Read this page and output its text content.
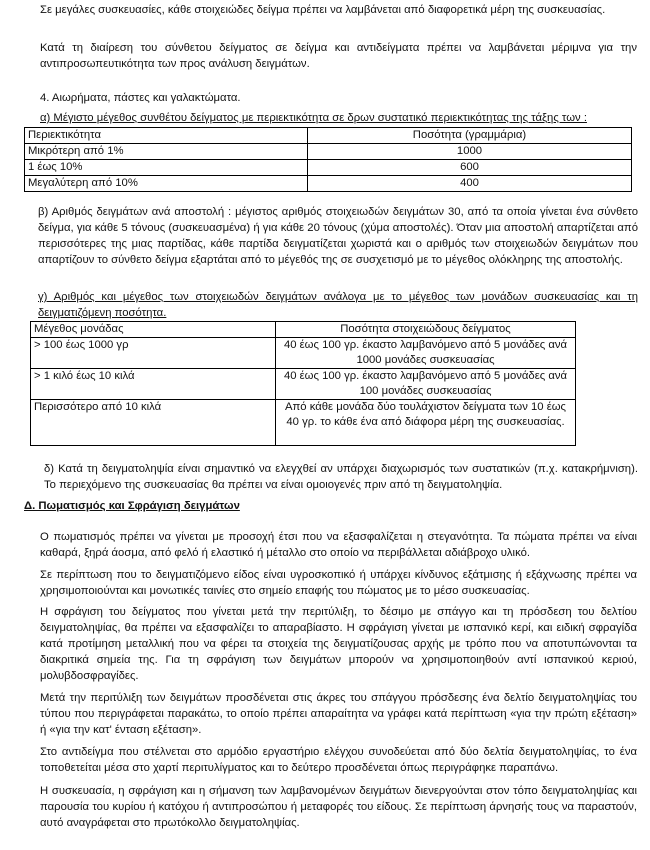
Σε μεγάλες συσκευασίες, κάθε στοιχειώδες δείγμα πρέπει να λαμβάνεται από διαφορετικά μέρη της συσκευασίας.

Κατά τη διαίρεση του σύνθετου δείγματος σε δείγμα και αντιδείγματα πρέπει να λαμβάνεται μέριμνα για την αντιπροσωπευτικότητα των προς ανάλυση δειγμάτων.

4. Αιωρήματα, πάστες και γαλακτώματα.

α) Μέγιστο μέγεθος συνθέτου δείγματος με περιεκτικότητα σε δρων συστατικό περιεκτικότητας της τάξης των :

Περιεκτικότητα	Ποσότητα (γραμμάρια)
Μικρότερη από 1%	1000
1 έως 10%	600
Μεγαλύτερη από 10%	400

β) Αριθμός δειγμάτων ανά αποστολή : μέγιστος αριθμός στοιχειωδών δειγμάτων 30, από τα οποία γίνεται ένα σύνθετο δείγμα, για κάθε 5 τόνους (συσκευασμένα) ή για κάθε 20 τόνους (χύμα αποστολές). Όταν μια αποστολή απαρτίζεται από περισσότερες της μιας παρτίδας, κάθε παρτίδα δειγματίζεται χωριστά και ο αριθμός των στοιχειωδών δειγμάτων που απαρτίζουν το σύνθετο δείγμα εξαρτάται από το μέγεθός της σε συσχετισμό με το μέγεθος ολόκληρης της αποστολής.

γ) Αριθμός και μέγεθος των στοιχειωδών δειγμάτων ανάλογα με το μέγεθος των μονάδων συσκευασίας και τη δειγματιζόμενη ποσότητα.

Μέγεθος μονάδας	Ποσότητα στοιχειώδους δείγματος
> 100 έως 1000 γρ	40 έως 100 γρ. έκαστο λαμβανόμενο από 5 μονάδες ανά 1000 μονάδες συσκευασίας
> 1 κιλό έως 10 κιλά	40 έως 100 γρ. έκαστο λαμβανόμενο από 5 μονάδες ανά 100 μονάδες συσκευασίας
Περισσότερο από 10 κιλά	Από κάθε μονάδα δύο τουλάχιστον δείγματα των 10 έως 40 γρ. το κάθε ένα από διάφορα μέρη της συσκευασίας.

δ) Κατά τη δειγματοληψία είναι σημαντικό να ελεγχθεί αν υπάρχει διαχωρισμός των συστατικών (π.χ. κατακρήμνιση). Το περιεχόμενο της συσκευασίας θα πρέπει να είναι ομοιογενές πριν από τη δειγματοληψία.

Δ. Πωματισμός και Σφράγιση δειγμάτων

Ο πωματισμός πρέπει να γίνεται με προσοχή έτσι που να εξασφαλίζεται η στεγανότητα. Τα πώματα πρέπει να είναι καθαρά, ξηρά άοσμα, από φελό ή ελαστικό ή μέταλλο στο οποίο να περιβάλλεται αδιάβροχο υλικό.

Σε περίπτωση που το δειγματιζόμενο είδος είναι υγροσκοπικό ή υπάρχει κίνδυνος εξάτμισης ή εξάχνωσης πρέπει να χρησιμοποιούνται και μονωτικές ταινίες στο σημείο επαφής του πώματος με το μέσο συσκευασίας.

Η σφράγιση του δείγματος που γίνεται μετά την περιτύλιξη, το δέσιμο με σπάγγο και τη πρόσδεση του δελτίου δειγματοληψίας, θα πρέπει να εξασφαλίζει το απαραβίαστο. Η σφράγιση γίνεται με ισπανικό κερί, και ειδική σφραγίδα κατά προτίμηση μεταλλική που να φέρει τα στοιχεία της δειγματίζουσας αρχής με τρόπο που να αποτυπώνονται τα διακριτικά σημεία της. Για τη σφράγιση των δειγμάτων μπορούν να χρησιμοποιηθούν αντί ισπανικού κεριού, μολυβδοσφραγίδες.

Μετά την περιτύλιξη των δειγμάτων προσδένεται στις άκρες του σπάγγου πρόσδεσης ένα δελτίο δειγματοληψίας του τύπου που περιγράφεται παρακάτω, το οποίο πρέπει απαραίτητα να γράφει κατά περίπτωση «για την πρώτη εξέταση» ή «για την κατ' ένταση εξέταση».

Στο αντιδείγμα που στέλνεται στο αρμόδιο εργαστήριο ελέγχου συνοδεύεται από δύο δελτία δειγματοληψίας, το ένα τοποθετείται μέσα στο χαρτί περιτυλίγματος και το δεύτερο προσδένεται όπως περιγράφηκε παραπάνω.

Η συσκευασία, η σφράγιση και η σήμανση των λαμβανομένων δειγμάτων διενεργούνται στον τόπο δειγματοληψίας και παρουσία του κυρίου ή κατόχου ή αντιπροσώπου ή μεταφορές του είδους. Σε περίπτωση άρνησής τους να παραστούν, αυτό αναγράφεται στο πρωτόκολλο δειγματοληψίας.
